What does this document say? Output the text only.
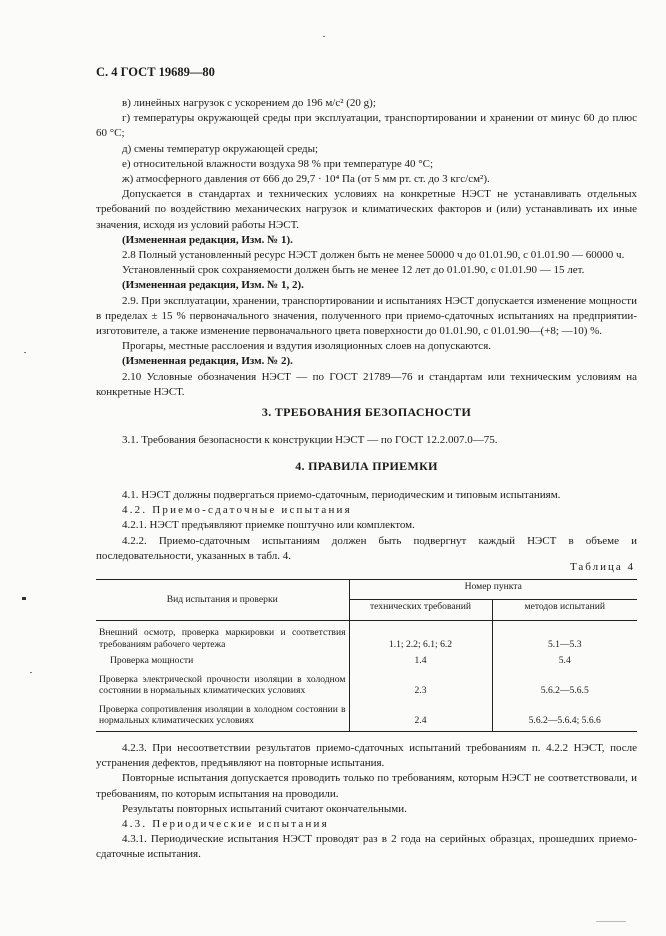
С. 4 ГОСТ 19689—80

в) линейных нагрузок с ускорением до 196 м/с² (20 g);

г) температуры окружающей среды при эксплуатации, транспортировании и хранении от минус 60 до плюс 60 °С;

д) смены температур окружающей среды;

е) относительной влажности воздуха 98 % при температуре 40 °С;

ж) атмосферного давления от 666 до 29,7 · 10⁴ Па (от 5 мм рт. ст. до 3 кгс/см²).

Допускается в стандартах и технических условиях на конкретные НЭСТ не устанавливать отдельных требований по воздействию механических нагрузок и климатических факторов и (или) устанавливать их иные значения, исходя из условий работы НЭСТ.

(Измененная редакция, Изм. № 1).

2.8 Полный установленный ресурс НЭСТ должен быть не менее 50000 ч до 01.01.90, с 01.01.90 — 60000 ч.

Установленный срок сохраняемости должен быть не менее 12 лет до 01.01.90, с 01.01.90 — 15 лет.

(Измененная редакция, Изм. № 1, 2).

2.9. При эксплуатации, хранении, транспортировании и испытаниях НЭСТ допускается изменение мощности в пределах ± 15 % первоначального значения, полученного при приемо-сдаточных испытаниях на предприятии-изготовителе, а также изменение первоначального цвета поверхности до 01.01.90, с 01.01.90—(+8; —10) %.

Прогары, местные расслоения и вздутия изоляционных слоев на допускаются.

(Измененная редакция, Изм. № 2).

2.10 Условные обозначения НЭСТ — по ГОСТ 21789—76 и стандартам или техническим условиям на конкретные НЭСТ.

3. ТРЕБОВАНИЯ БЕЗОПАСНОСТИ

3.1. Требования безопасности к конструкции НЭСТ — по ГОСТ 12.2.007.0—75.

4. ПРАВИЛА ПРИЕМКИ

4.1. НЭСТ должны подвергаться приемо-сдаточным, периодическим и типовым испытаниям.

4.2. Приемо-сдаточные испытания

4.2.1. НЭСТ предъявляют приемке поштучно или комплектом.

4.2.2. Приемо-сдаточным испытаниям должен быть подвергнут каждый НЭСТ в объеме и последовательности, указанных в табл. 4.

Таблица 4
Вид испытания и проверки	Номер пункта	
	технических требований	методов испытаний
Внешний осмотр, проверка маркировки и соответствия требованиям рабочего чертежа	1.1; 2.2; 6.1; 6.2	5.1—5.3
Проверка мощности	1.4	5.4
Проверка электрической прочности изоляции в холодном состоянии в нормальных климатических условиях	2.3	5.6.2—5.6.5
Проверка сопротивления изоляции в холодном состоянии в нормальных климатических условиях	2.4	5.6.2—5.6.4; 5.6.6

4.2.3. При несоответствии результатов приемо-сдаточных испытаний требованиям п. 4.2.2 НЭСТ, после устранения дефектов, предъявляют на повторные испытания.

Повторные испытания допускается проводить только по требованиям, которым НЭСТ не соответствовали, и требованиям, по которым испытания на проводили.

Результаты повторных испытаний считают окончательными.

4.3. Периодические испытания

4.3.1. Периодические испытания НЭСТ проводят раз в 2 года на серийных образцах, прошедших приемо-сдаточные испытания.
